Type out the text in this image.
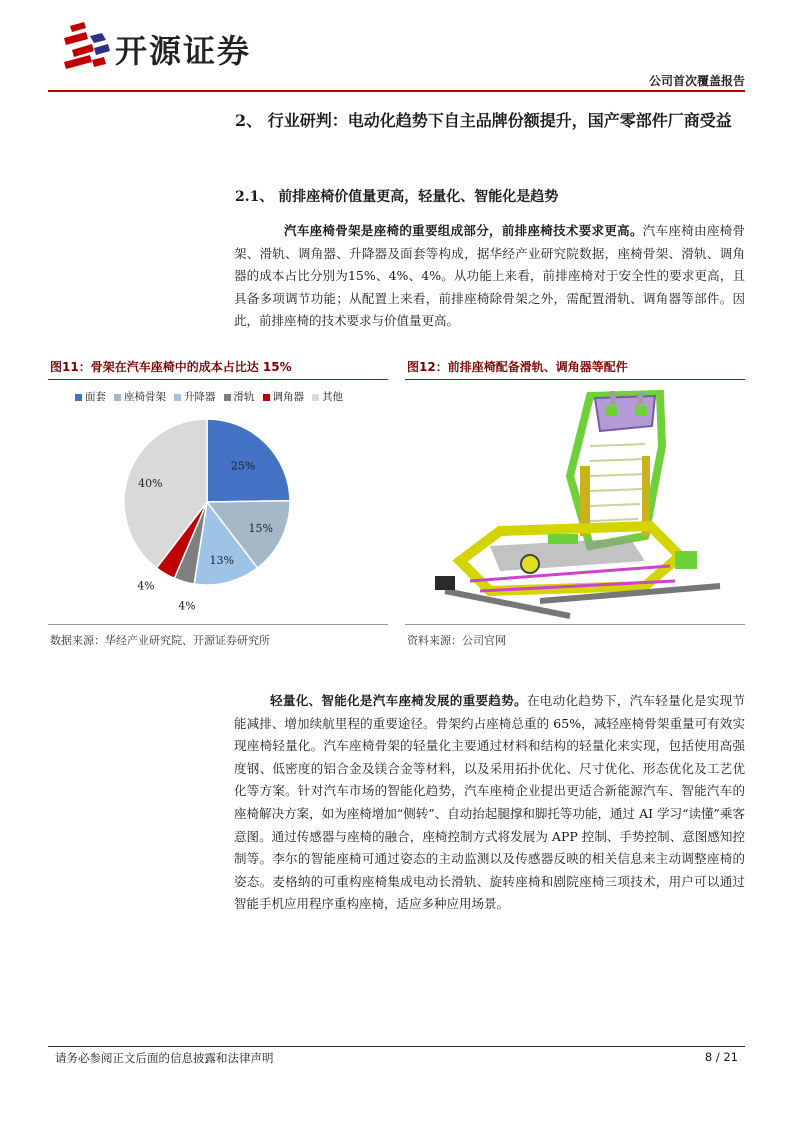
开源证券
公司首次覆盖报告
2、 行业研判：电动化趋势下自主品牌份额提升，国产零部件厂商受益
2.1、 前排座椅价值量更高，轻量化、智能化是趋势
汽车座椅骨架是座椅的重要组成部分，前排座椅技术要求更高。汽车座椅由座椅骨架、滑轨、调角器、升降器及面套等构成，据华经产业研究院数据，座椅骨架、滑轨、调角器的成本占比分别为15%、4%、4%。从功能上来看，前排座椅对于安全性的要求更高，且具备多项调节功能；从配置上来看，前排座椅除骨架之外，需配置滑轨、调角器等部件。因此，前排座椅的技术要求与价值量更高。
图11：骨架在汽车座椅中的成本占比达 15%
面套	座椅骨架	升降器	滑轨	调角器	其他
25%
15%
13%
4%
4%
40%
数据来源：华经产业研究院、开源证券研究所
图12：前排座椅配备滑轨、调角器等配件
资料来源：公司官网
轻量化、智能化是汽车座椅发展的重要趋势。在电动化趋势下，汽车轻量化是实现节能减排、增加续航里程的重要途径。骨架约占座椅总重的 65%，减轻座椅骨架重量可有效实现座椅轻量化。汽车座椅骨架的轻量化主要通过材料和结构的轻量化来实现，包括使用高强度钢、低密度的铝合金及镁合金等材料，以及采用拓扑优化、尺寸优化、形态优化及工艺优化等方案。针对汽车市场的智能化趋势，汽车座椅企业提出更适合新能源汽车、智能汽车的座椅解决方案，如为座椅增加“侧转”、自动抬起腿撑和脚托等功能，通过 AI 学习“读懂”乘客意图。通过传感器与座椅的融合，座椅控制方式将发展为 APP 控制、手势控制、意图感知控制等。李尔的智能座椅可通过姿态的主动监测以及传感器反映的相关信息来主动调整座椅的姿态。麦格纳的可重构座椅集成电动长滑轨、旋转座椅和剧院座椅三项技术，用户可以通过智能手机应用程序重构座椅，适应多种应用场景。
请务必参阅正文后面的信息披露和法律声明	8 / 21
